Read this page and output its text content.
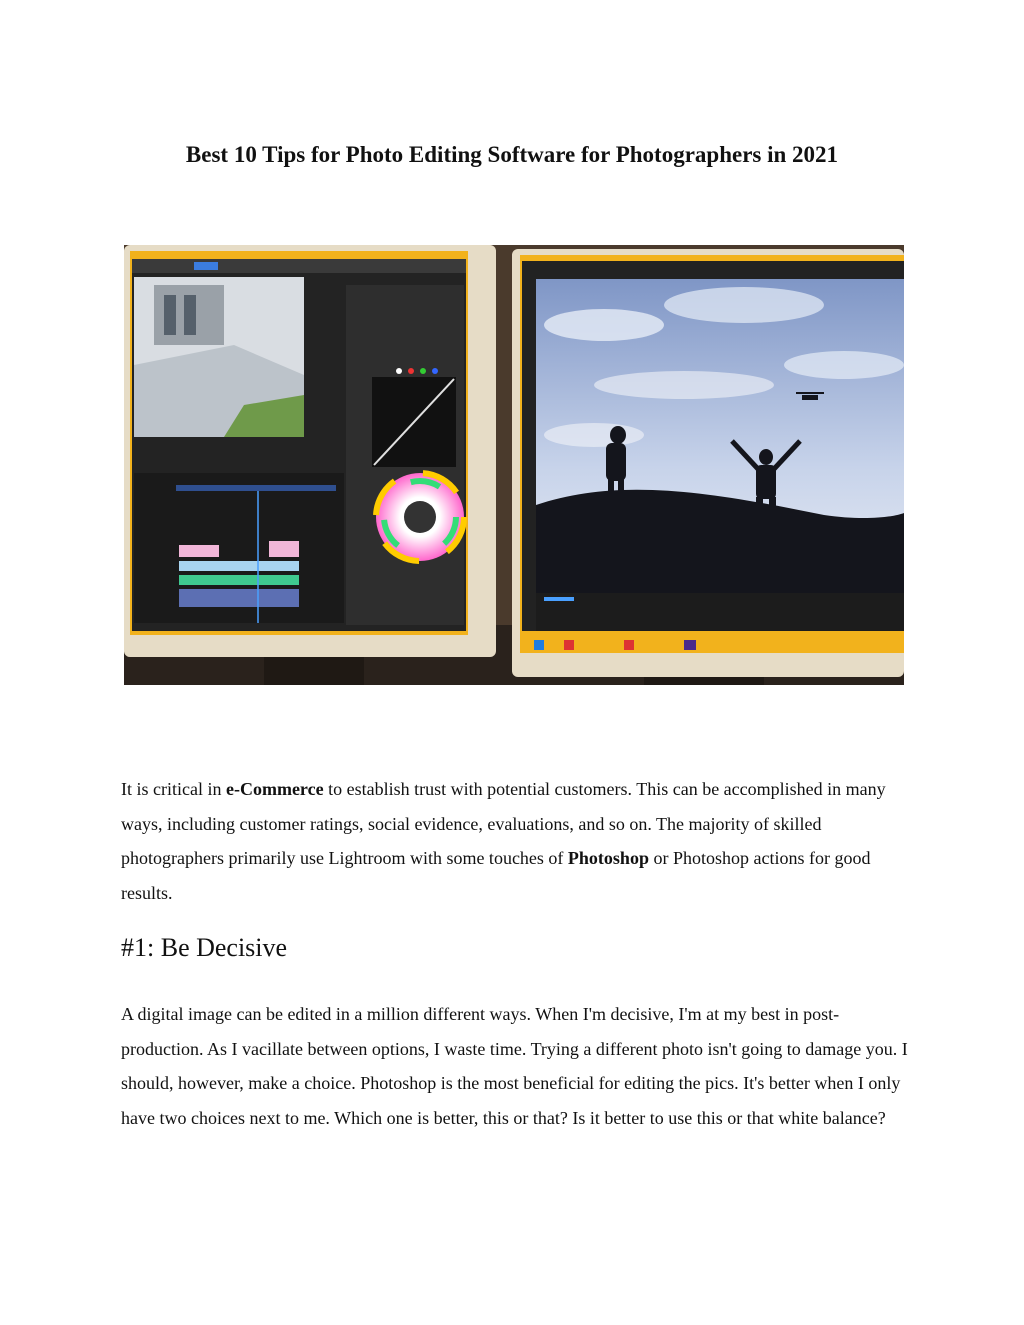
Best 10 Tips for Photo Editing Software for Photographers in 2021

It is critical in e-Commerce to establish trust with potential customers. This can be accomplished in many ways, including customer ratings, social evidence, evaluations, and so on. The majority of skilled photographers primarily use Lightroom with some touches of Photoshop or Photoshop actions for good results.

#1: Be Decisive

A digital image can be edited in a million different ways. When I'm decisive, I'm at my best in post-production. As I vacillate between options, I waste time. Trying a different photo isn't going to damage you. I should, however, make a choice. Photoshop is the most beneficial for editing the pics. It's better when I only have two choices next to me. Which one is better, this or that? Is it better to use this or that white balance?
